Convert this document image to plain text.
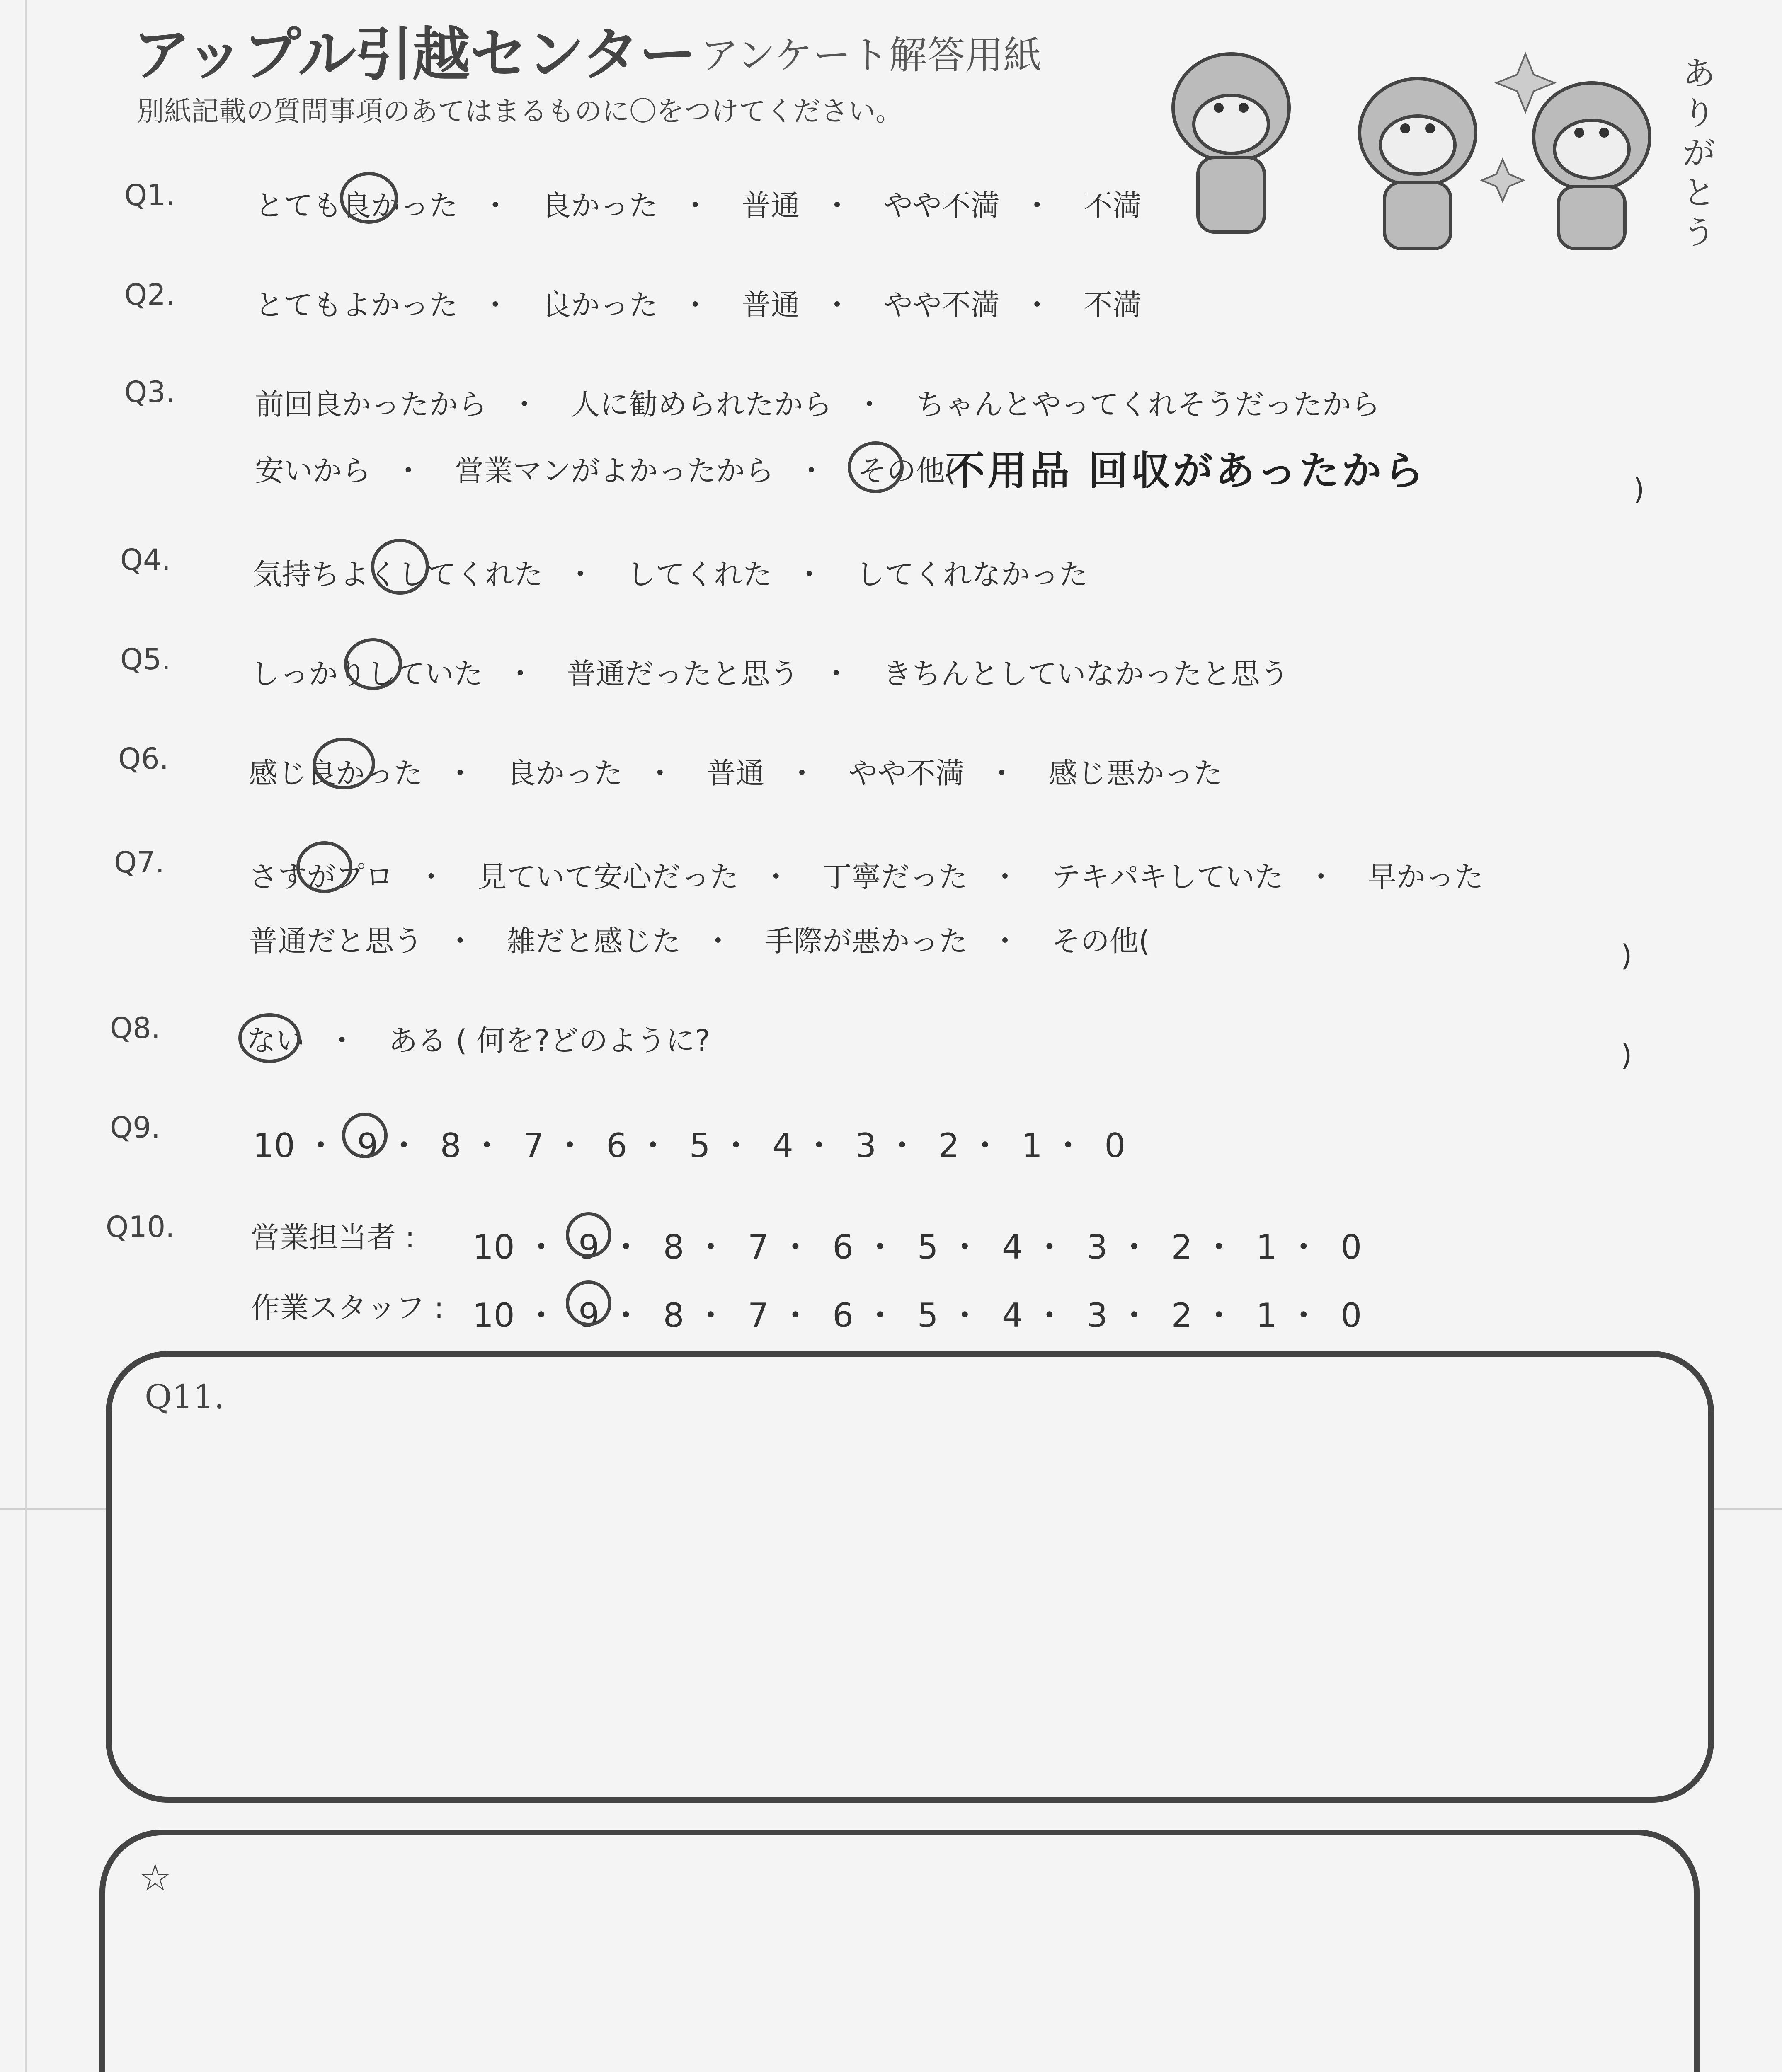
アップル引越センター アンケート解答用紙
別紙記載の質問事項のあてはまるものに〇をつけてください。
ありがとう
Q1.	とても良かった ・ 良かった ・ 普通 ・ やや不満 ・ 不満
Q2.	とてもよかった ・ 良かった ・ 普通 ・ やや不満 ・ 不満
Q3.	前回良かったから ・ 人に勧められたから ・ ちゃんとやってくれそうだったから
安いから ・ 営業マンがよかったから ・ その他(
不用品 回収があったから	)
Q4.	気持ちよくしてくれた ・ してくれた ・ してくれなかった
Q5.	しっかりしていた ・ 普通だったと思う ・ きちんとしていなかったと思う
Q6.	感じ良かった ・ 良かった ・ 普通 ・ やや不満 ・ 感じ悪かった
Q7.	さすがプロ ・ 見ていて安心だった ・ 丁寧だった ・ テキパキしていた ・ 早かった
普通だと思う ・ 雑だと感じた ・ 手際が悪かった ・ その他(	)
Q8.	ない ・ ある ( 何を?どのように?	)
Q9.	10 ・ 9 ・ 8 ・ 7 ・ 6 ・ 5 ・ 4 ・ 3 ・ 2 ・ 1 ・ 0
Q10.	営業担当者 : 10 ・ 9 ・ 8 ・ 7 ・ 6 ・ 5 ・ 4 ・ 3 ・ 2 ・ 1 ・ 0
作業スタッフ : 10 ・ 9 ・ 8 ・ 7 ・ 6 ・ 5 ・ 4 ・ 3 ・ 2 ・ 1 ・ 0
Q11.
☆
